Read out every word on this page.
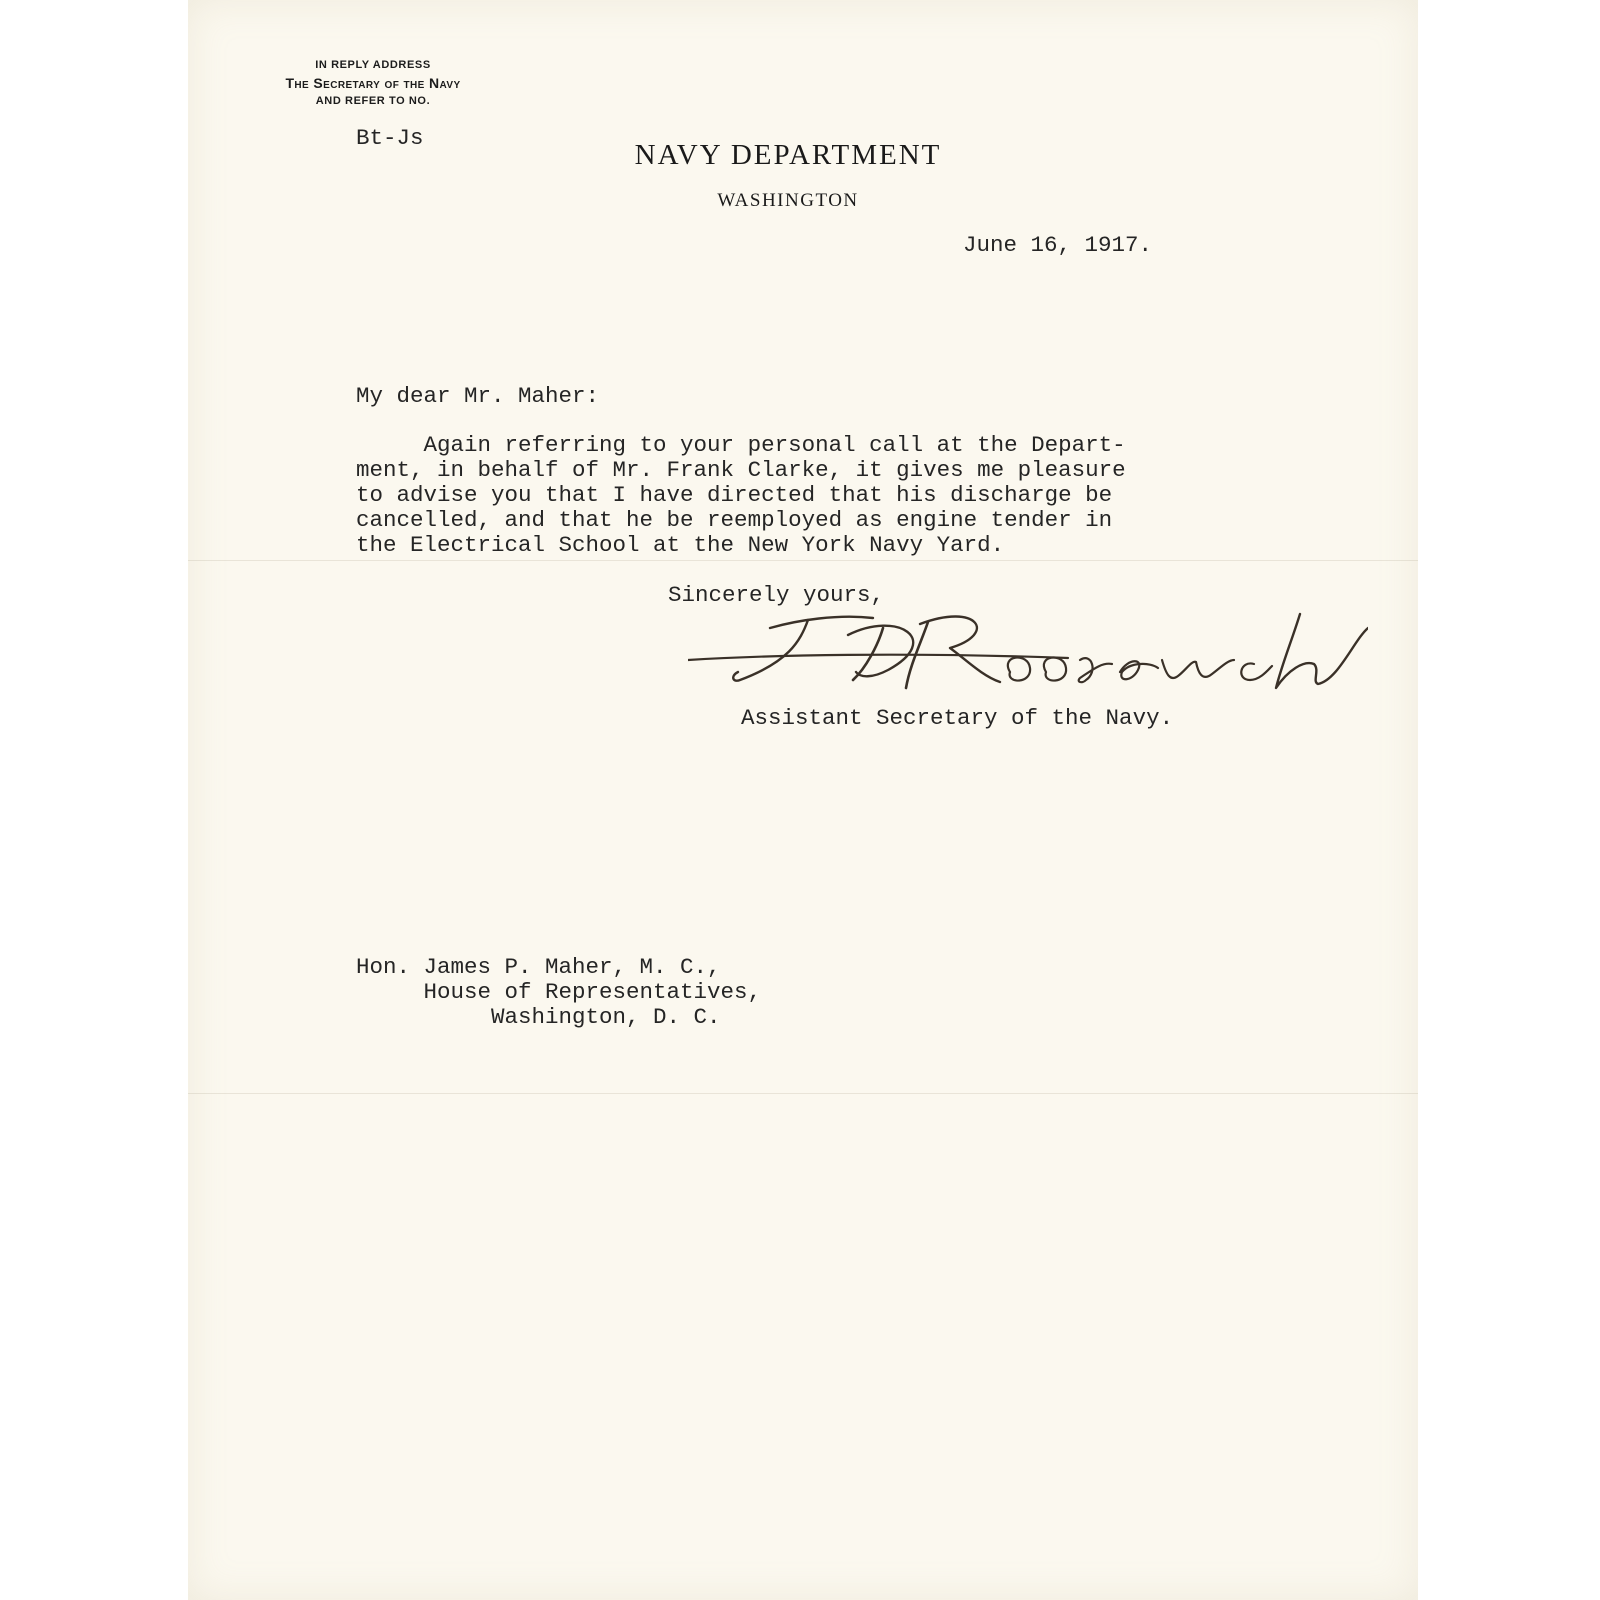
IN REPLY ADDRESS
The Secretary of the Navy
AND REFER TO NO.
Bt-Js
NAVY DEPARTMENT
WASHINGTON
June 16, 1917.
My dear Mr. Maher:
Again referring to your personal call at the Depart-
ment, in behalf of Mr. Frank Clarke, it gives me pleasure
to advise you that I have directed that his discharge be
cancelled, and that he be reemployed as engine tender in
the Electrical School at the New York Navy Yard.
Sincerely yours,
Assistant Secretary of the Navy.
Hon. James P. Maher, M. C.,
House of Representatives,
Washington, D. C.
